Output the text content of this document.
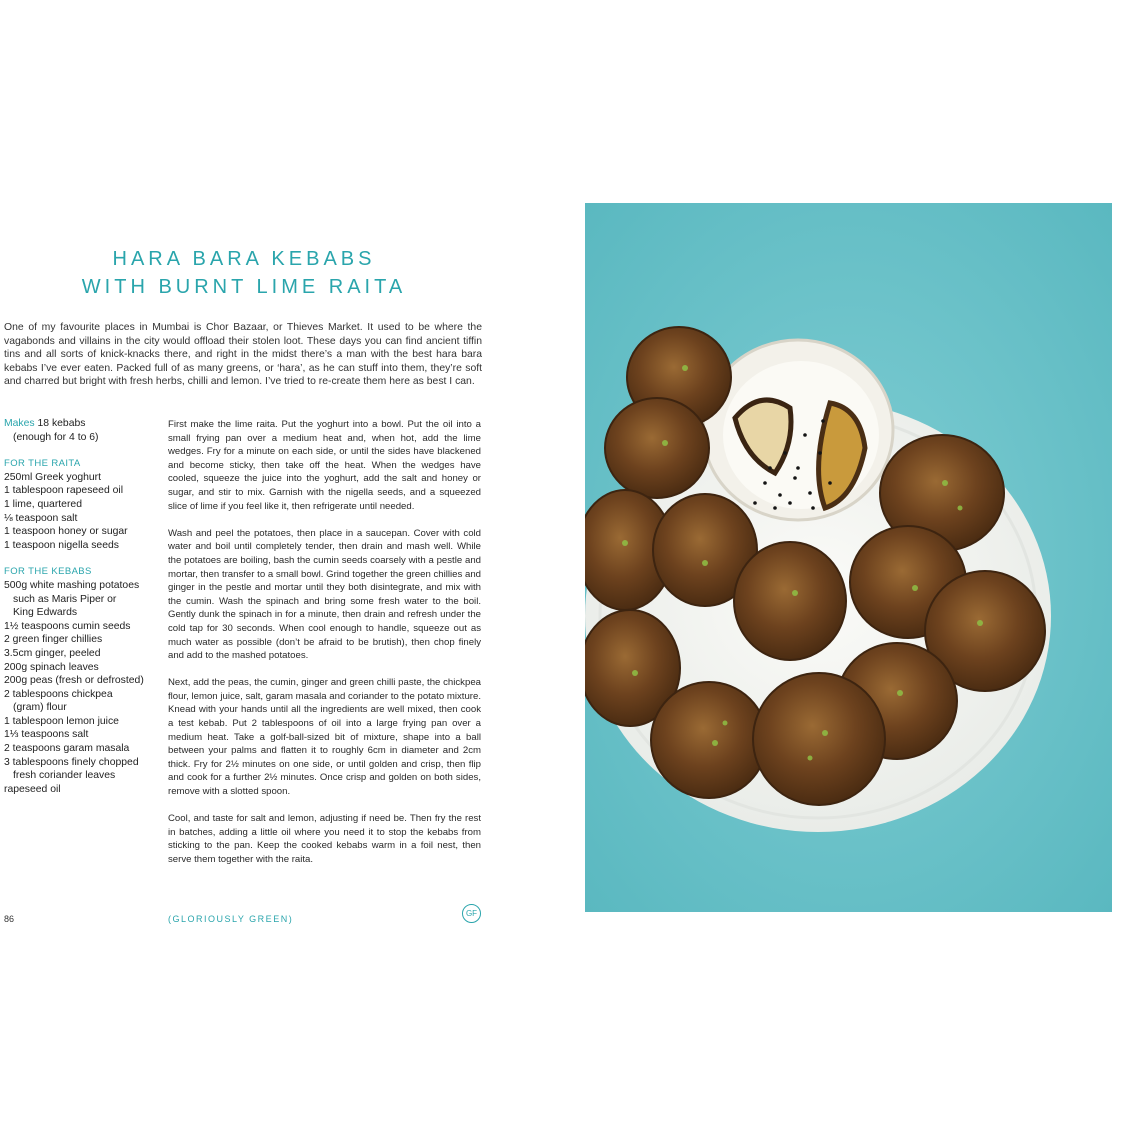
HARA BARA KEBABS
WITH BURNT LIME RAITA

One of my favourite places in Mumbai is Chor Bazaar, or Thieves Market. It used to be where the vagabonds and villains in the city would offload their stolen loot. These days you can find ancient tiffin tins and all sorts of knick-knacks there, and right in the midst there’s a man with the best hara bara kebabs I’ve ever eaten. Packed full of as many greens, or ‘hara’, as he can stuff into them, they’re soft and charred but bright with fresh herbs, chilli and lemon. I’ve tried to re-create them here as best I can.

Makes 18 kebabs
(enough for 4 to 6)
FOR THE RAITA
250ml Greek yoghurt
1 tablespoon rapeseed oil
1 lime, quartered
⅛ teaspoon salt
1 teaspoon honey or sugar
1 teaspoon nigella seeds
FOR THE KEBABS
500g white mashing potatoes
such as Maris Piper or
King Edwards
1½ teaspoons cumin seeds
2 green finger chillies
3.5cm ginger, peeled
200g spinach leaves
200g peas (fresh or defrosted)
2 tablespoons chickpea
(gram) flour
1 tablespoon lemon juice
1⅓ teaspoons salt
2 teaspoons garam masala
3 tablespoons finely chopped
fresh coriander leaves
rapeseed oil

First make the lime raita. Put the yoghurt into a bowl. Put the oil into a small frying pan over a medium heat and, when hot, add the lime wedges. Fry for a minute on each side, or until the sides have blackened and become sticky, then take off the heat. When the wedges have cooled, squeeze the juice into the yoghurt, add the salt and honey or sugar, and stir to mix. Garnish with the nigella seeds, and a squeezed slice of lime if you feel like it, then refrigerate until needed.

Wash and peel the potatoes, then place in a saucepan. Cover with cold water and boil until completely tender, then drain and mash well. While the potatoes are boiling, bash the cumin seeds coarsely with a pestle and mortar, then transfer to a small bowl. Grind together the green chillies and ginger in the pestle and mortar until they both disintegrate, and mix with the cumin. Wash the spinach and bring some fresh water to the boil. Gently dunk the spinach in for a minute, then drain and refresh under the cold tap for 30 seconds. When cool enough to handle, squeeze out as much water as possible (don’t be afraid to be brutish), then chop finely and add to the mashed potatoes.

Next, add the peas, the cumin, ginger and green chilli paste, the chickpea flour, lemon juice, salt, garam masala and coriander to the potato mixture. Knead with your hands until all the ingredients are well mixed, then cook a test kebab. Put 2 tablespoons of oil into a large frying pan over a medium heat. Take a golf-ball-sized bit of mixture, shape into a ball between your palms and flatten it to roughly 6cm in diameter and 2cm thick. Fry for 2½ minutes on one side, or until golden and crisp, then flip and cook for a further 2½ minutes. Once crisp and golden on both sides, remove with a slotted spoon.

Cool, and taste for salt and lemon, adjusting if need be. Then fry the rest in batches, adding a little oil where you need it to stop the kebabs from sticking to the pan. Keep the cooked kebabs warm in a foil nest, then serve them together with the raita.

86	(GLORIOUSLY GREEN)
GF
